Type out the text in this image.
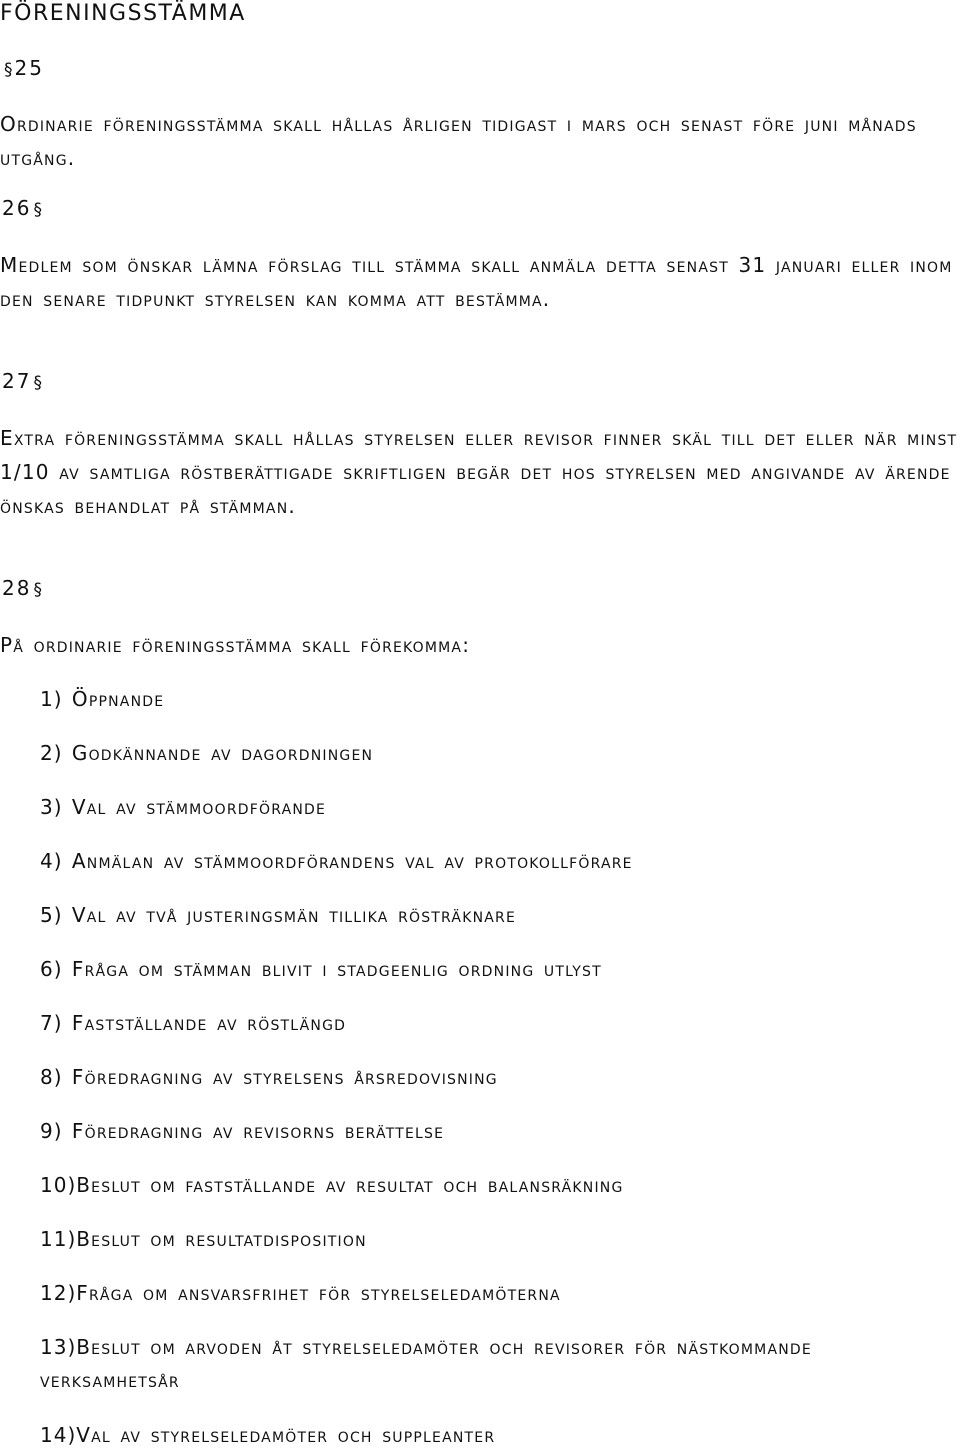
FÖRENINGSSTÄMMA
§25

Ordinarie föreningsstämma skall hållas årligen tidigast i mars och senast före juni månads utgång.

26 §

Medlem som önskar lämna förslag till stämma skall anmäla detta senast 31 januari eller inom den senare tidpunkt styrelsen kan komma att bestämma.

27 §

Extra föreningsstämma skall hållas styrelsen eller revisor finner skäl till det eller när minst 1/10 av samtliga röstberättigade skriftligen begär det hos styrelsen med angivande av ärende önskas behandlat på stämman.

28 §

På ordinarie föreningsstämma skall förekomma:

1) Öppnande
2) Godkännande av dagordningen
3) Val av stämmoordförande
4) Anmälan av stämmoordförandens val av protokollförare
5) Val av två justeringsmän tillika rösträknare
6) Fråga om stämman blivit i stadgeenlig ordning utlyst
7) Fastställande av röstlängd
8) Föredragning av styrelsens årsredovisning
9) Föredragning av revisorns berättelse
10)Beslut om fastställande av resultat och balansräkning
11)Beslut om resultatdisposition
12)Fråga om ansvarsfrihet för styrelseledamöterna
13)Beslut om arvoden åt styrelseledamöter och revisorer för nästkommande verksamhetsår
14)Val av styrelseledamöter och suppleanter
